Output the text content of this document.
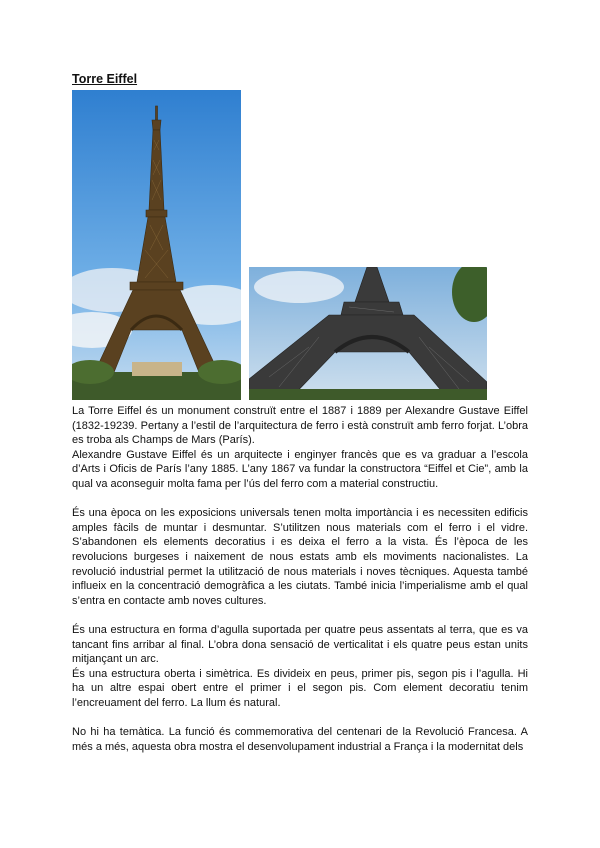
Torre Eiffel

La Torre Eiffel és un monument construït entre el 1887 i 1889 per Alexandre Gustave Eiffel (1832-19239. Pertany a l’estil de l’arquitectura de ferro i està construït amb ferro forjat. L’obra es troba als Champs de Mars (París).

Alexandre Gustave Eiffel és un arquitecte i enginyer francès que es va graduar a l’escola d’Arts i Oficis de París l’any 1885. L’any 1867 va fundar la constructora “Eiffel et Cie”, amb la qual va aconseguir molta fama per l’ús del ferro com a material constructiu.

És una època on les exposicions universals tenen molta importància i es necessiten edificis amples fàcils de muntar i desmuntar. S’utilitzen nous materials com el ferro i el vidre. S’abandonen els elements decoratius i es deixa el ferro a la vista. És l’època de les revolucions burgeses i naixement de nous estats amb els moviments nacionalistes. La revolució industrial permet la utilització de nous materials i noves tècniques. Aquesta també influeix en la concentració demogràfica a les ciutats. També inicia l’imperialisme amb el qual s’entra en contacte amb noves cultures.

És una estructura en forma d’agulla suportada per quatre peus assentats al terra, que es va tancant fins arribar al final. L’obra dona sensació de verticalitat i els quatre peus estan units mitjançant un arc.

És una estructura oberta i simètrica. Es divideix en peus, primer pis, segon pis i l’agulla. Hi ha un altre espai obert entre el primer i el segon pis. Com element decoratiu tenim l’encreuament del ferro. La llum és natural.

No hi ha temàtica. La funció és commemorativa del centenari de la Revolució Francesa. A més a més, aquesta obra mostra el desenvolupament industrial a França i la modernitat dels
